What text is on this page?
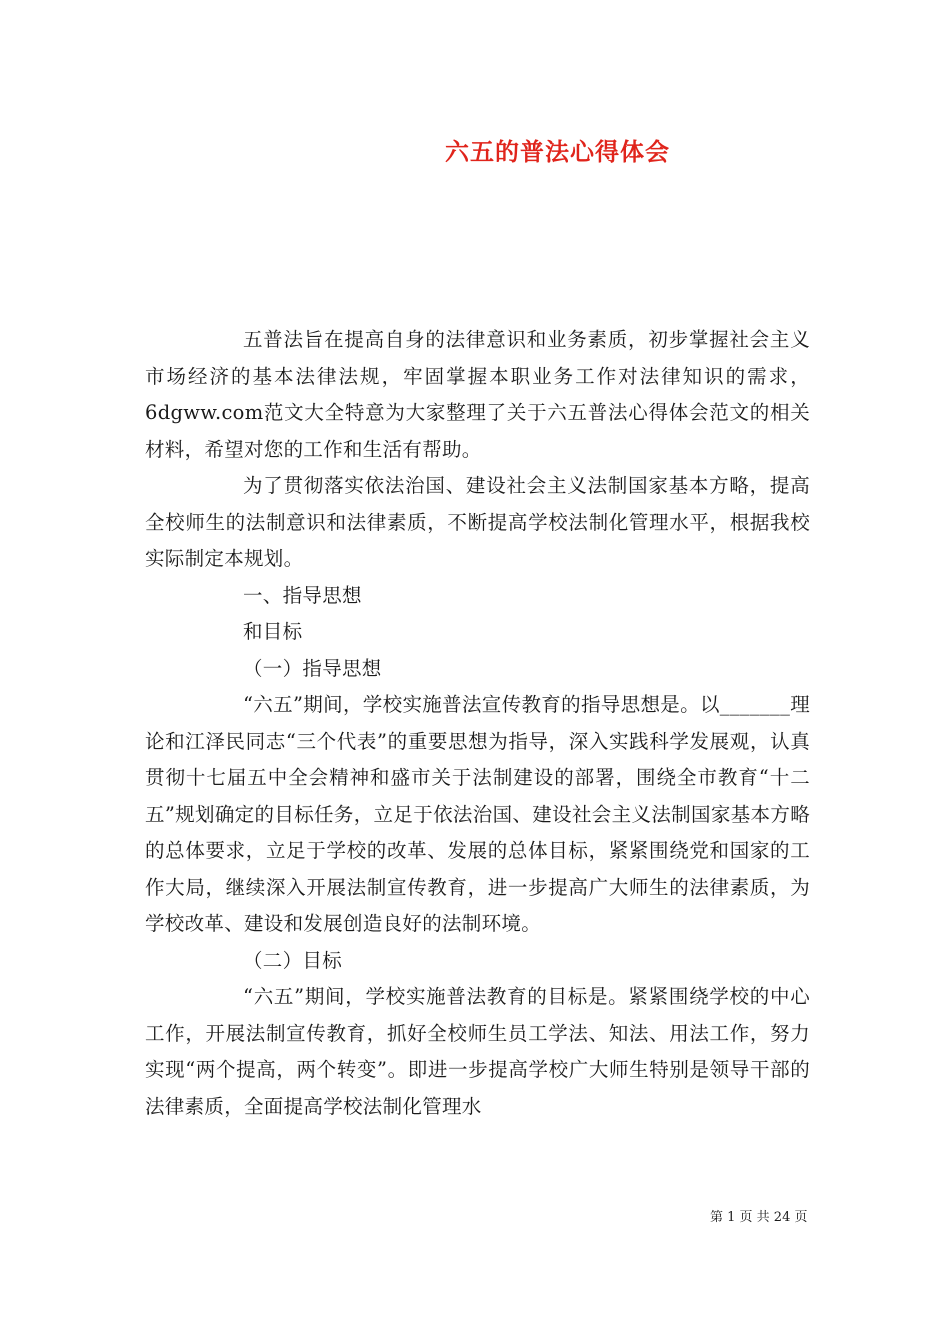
六五的普法心得体会

五普法旨在提高自身的法律意识和业务素质，初步掌握社会主义市场经济的基本法律法规，牢固掌握本职业务工作对法律知识的需求，6dgww.com范文大全特意为大家整理了关于六五普法心得体会范文的相关材料，希望对您的工作和生活有帮助。

为了贯彻落实依法治国、建设社会主义法制国家基本方略，提高全校师生的法制意识和法律素质，不断提高学校法制化管理水平，根据我校实际制定本规划。

一、指导思想

和目标

（一）指导思想

“六五”期间，学校实施普法宣传教育的指导思想是。以_______理论和江泽民同志“三个代表”的重要思想为指导，深入实践科学发展观，认真贯彻十七届五中全会精神和盛市关于法制建设的部署，围绕全市教育“十二五”规划确定的目标任务，立足于依法治国、建设社会主义法制国家基本方略的总体要求，立足于学校的改革、发展的总体目标，紧紧围绕党和国家的工作大局，继续深入开展法制宣传教育，进一步提高广大师生的法律素质，为学校改革、建设和发展创造良好的法制环境。

（二）目标

“六五”期间，学校实施普法教育的目标是。紧紧围绕学校的中心工作，开展法制宣传教育，抓好全校师生员工学法、知法、用法工作，努力实现“两个提高，两个转变”。即进一步提高学校广大师生特别是领导干部的法律素质，全面提高学校法制化管理水

第 1 页 共 24 页
